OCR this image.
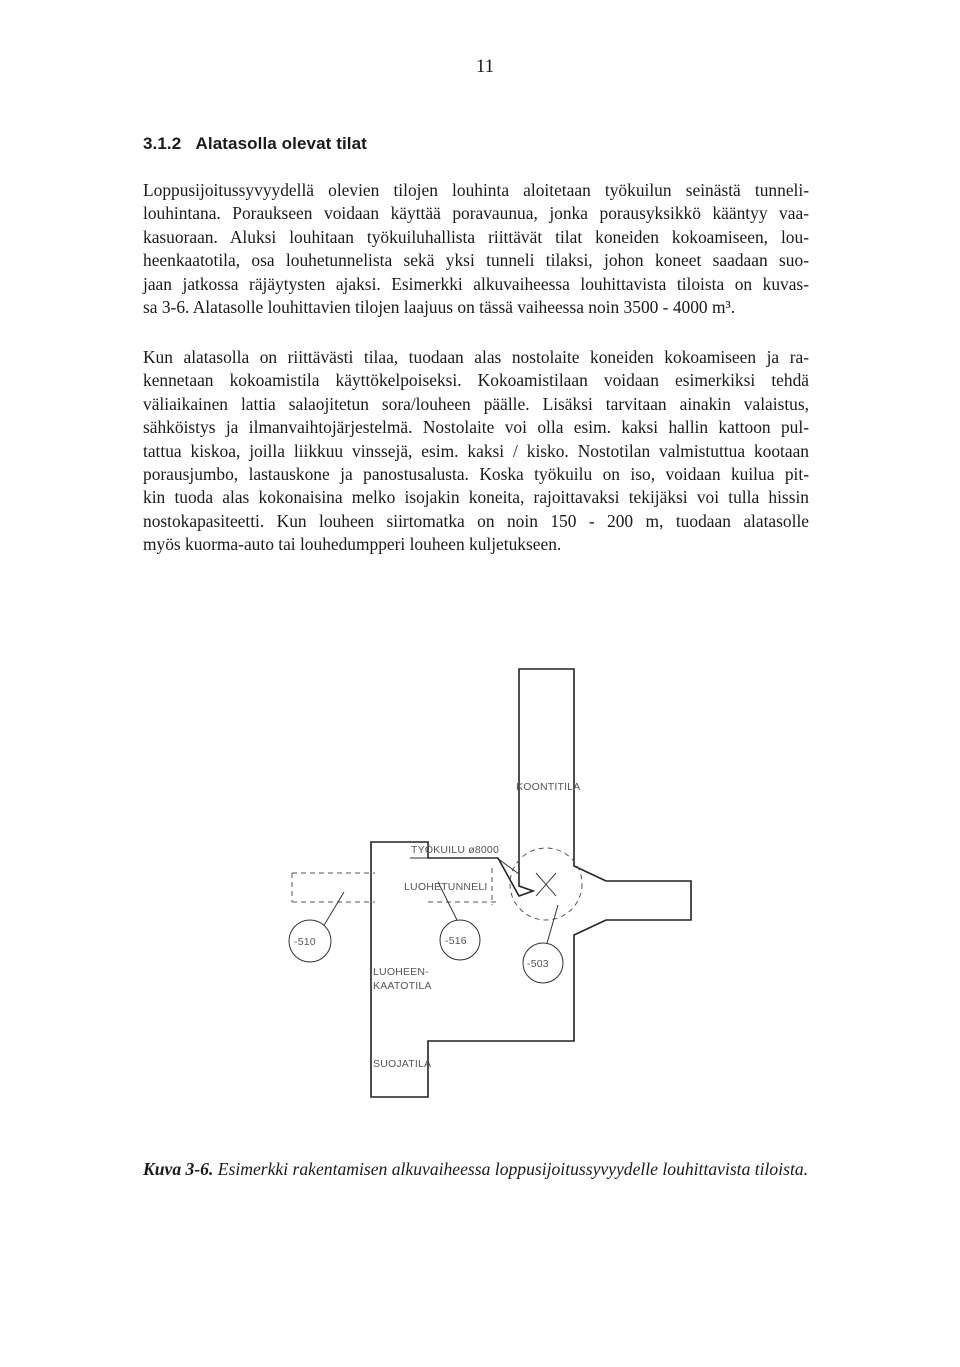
11
3.1.2 Alatasolla olevat tilat
Loppusijoitussyvyydellä olevien tilojen louhinta aloitetaan työkuilun seinästä tunneli-
louhintana. Poraukseen voidaan käyttää poravaunua, jonka porausyksikkö kääntyy vaa-
kasuoraan. Aluksi louhitaan työkuiluhallista riittävät tilat koneiden kokoamiseen, lou-
heenkaatotila, osa louhetunnelista sekä yksi tunneli tilaksi, johon koneet saadaan suo-
jaan jatkossa räjäytysten ajaksi. Esimerkki alkuvaiheessa louhittavista tiloista on kuvas-
sa 3-6. Alatasolle louhittavien tilojen laajuus on tässä vaiheessa noin 3500 - 4000 m³.
Kun alatasolla on riittävästi tilaa, tuodaan alas nostolaite koneiden kokoamiseen ja ra-
kennetaan kokoamistila käyttökelpoiseksi. Kokoamistilaan voidaan esimerkiksi tehdä
väliaikainen lattia salaojitetun sora/louheen päälle. Lisäksi tarvitaan ainakin valaistus,
sähköistys ja ilmanvaihtojärjestelmä. Nostolaite voi olla esim. kaksi hallin kattoon pul-
tattua kiskoa, joilla liikkuu vinssejä, esim. kaksi / kisko. Nostotilan valmistuttua kootaan
porausjumbo, lastauskone ja panostusalusta. Koska työkuilu on iso, voidaan kuilua pit-
kin tuoda alas kokonaisina melko isojakin koneita, rajoittavaksi tekijäksi voi tulla hissin
nostokapasiteetti. Kun louheen siirtomatka on noin 150 - 200 m, tuodaan alatasolle
myös kuorma-auto tai louhedumpperi louheen kuljetukseen.
KOONTITILA
TYÖKUILU ø8000
LUOHETUNNELI
LUOHEEN-
KAATOTILA
SUOJATILA
-510	-516
-503
Kuva 3-6. Esimerkki rakentamisen alkuvaiheessa loppusijoitussyvyydelle louhittavista tiloista.
